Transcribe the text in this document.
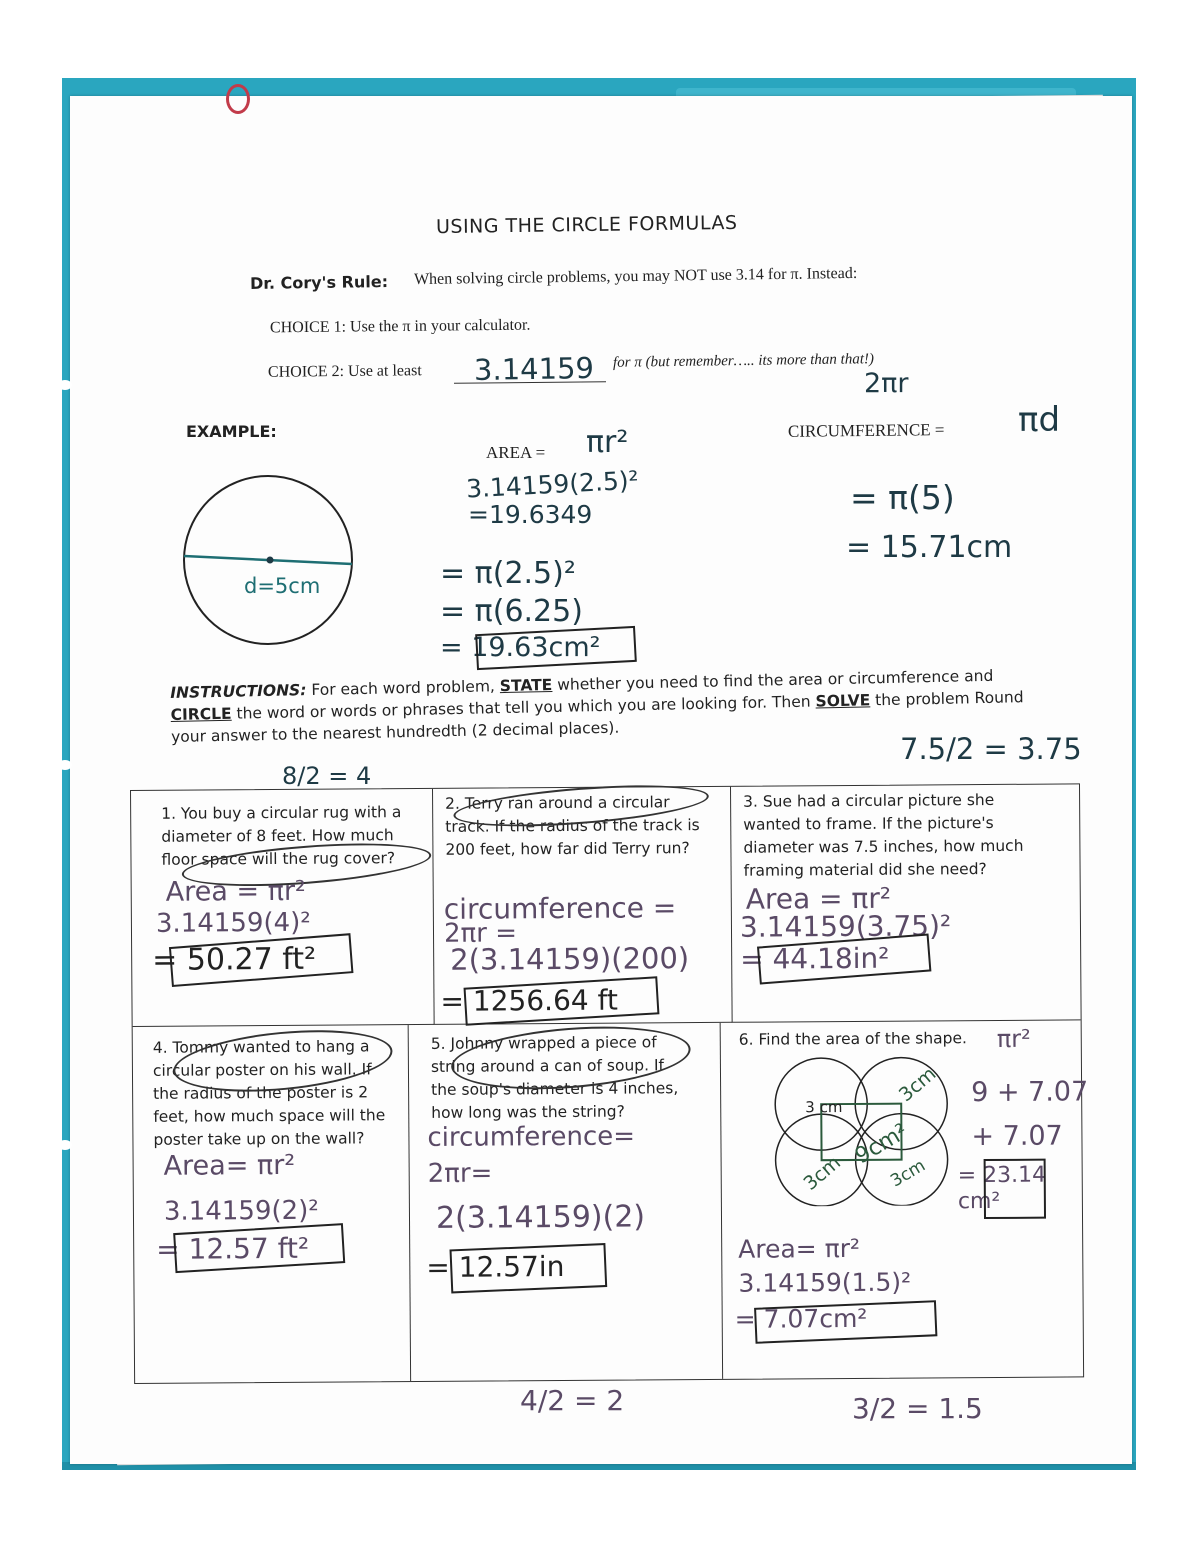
USING THE CIRCLE FORMULAS
Dr. Cory's Rule: When solving circle problems, you may NOT use 3.14 for π. Instead:
CHOICE 1: Use the π in your calculator.
CHOICE 2: Use at least 3.14159 for π (but remember….. its more than that!)
EXAMPLE:
d=5cm
AREA = πr²
3.14159(2.5)²
=19.6349
= π(2.5)²
= π(6.25)
= 19.63cm²
CIRCUMFERENCE =
2πr
πd
= π(5)
= 15.71cm
INSTRUCTIONS: For each word problem, STATE whether you need to find the area or circumference and CIRCLE the word or words or phrases that tell you which you are looking for. Then SOLVE the problem Round your answer to the nearest hundredth (2 decimal places).
8/2 = 4
7.5/2 = 3.75
1. You buy a circular rug with a diameter of 8 feet. How much floor space will the rug cover?
Area = πr²
3.14159(4)²
= 50.27 ft²
2. Terry ran around a circular track. If the radius of the track is 200 feet, how far did Terry run?
circumference =
2πr =
2(3.14159)(200)
= 1256.64 ft
3. Sue had a circular picture she wanted to frame. If the picture's diameter was 7.5 inches, how much framing material did she need?
Area = πr²
3.14159(3.75)²
= 44.18in²
4. Tommy wanted to hang a circular poster on his wall. If the radius of the poster is 2 feet, how much space will the poster take up on the wall?
Area= πr²
3.14159(2)²
= 12.57 ft²
5. Johnny wrapped a piece of string around a can of soup. If the soup's diameter is 4 inches, how long was the string?
circumference=
2πr=
2(3.14159)(2)
= 12.57in
6. Find the area of the shape.
3 cm
3cm
3cm
9cm²
3cm
πr²
9 + 7.07
+ 7.07
= 23.14 cm²
Area= πr²
3.14159(1.5)²
= 7.07cm²
4/2 = 2	3/2 = 1.5
